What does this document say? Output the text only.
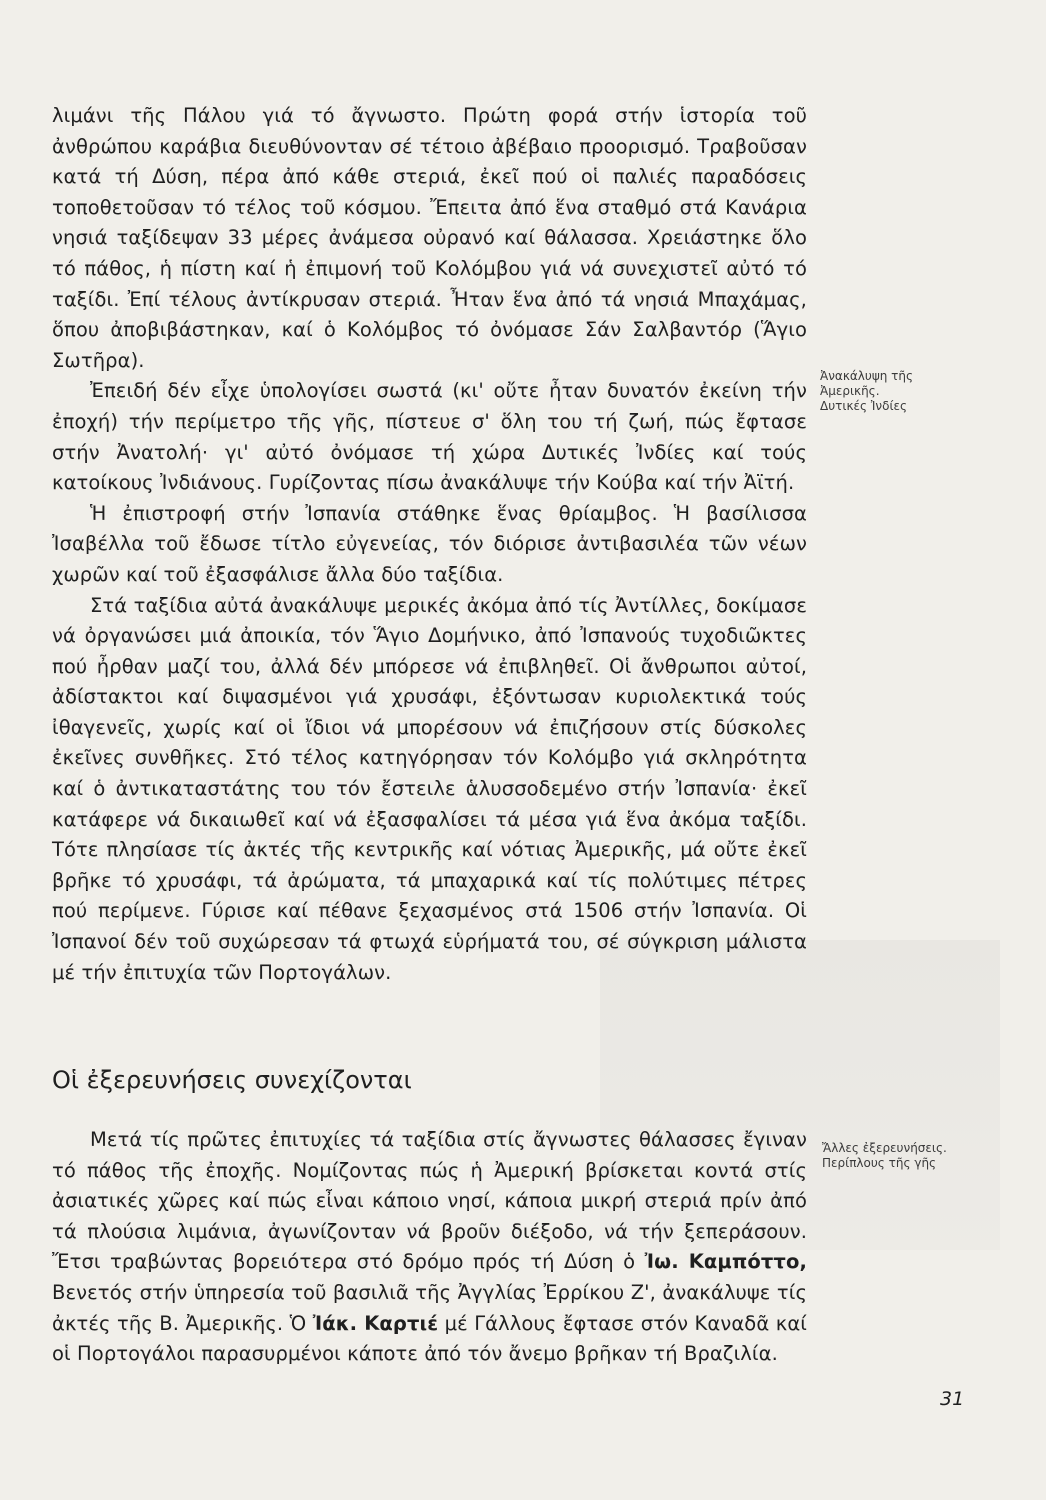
λιμάνι τῆς Πάλου γιά τό ἄγνωστο. Πρώτη φορά στήν ἱστορία τοῦ ἀνθρώπου καράβια διευθύνονταν σέ τέτοιο ἀβέβαιο προορισμό. Τραβοῦσαν κατά τή Δύση, πέρα ἀπό κάθε στεριά, ἐκεῖ πού οἱ παλιές παραδόσεις τοποθετοῦσαν τό τέλος τοῦ κόσμου. Ἔπειτα ἀπό ἕνα σταθμό στά Κανάρια νησιά ταξίδεψαν 33 μέρες ἀνάμεσα οὐρανό καί θάλασσα. Χρειάστηκε ὅλο τό πάθος, ἡ πίστη καί ἡ ἐπιμονή τοῦ Κολόμβου γιά νά συνεχιστεῖ αὐτό τό ταξίδι. Ἐπί τέλους ἀντίκρυσαν στεριά. Ἦταν ἕνα ἀπό τά νησιά Μπαχάμας, ὅπου ἀποβιβάστηκαν, καί ὁ Κολόμβος τό ὀνόμασε Σάν Σαλβαντόρ (Ἅγιο Σωτῆρα).

Ἐπειδή δέν εἶχε ὑπολογίσει σωστά (κι' οὔτε ἦταν δυνατόν ἐκείνη τήν ἐποχή) τήν περίμετρο τῆς γῆς, πίστευε σ' ὅλη του τή ζωή, πώς ἔφτασε στήν Ἀνατολή· γι' αὐτό ὀνόμασε τή χώρα Δυτικές Ἰνδίες καί τούς κατοίκους Ἰνδιάνους. Γυρίζοντας πίσω ἀνακάλυψε τήν Κούβα καί τήν Ἀϊτή.

Ἡ ἐπιστροφή στήν Ἰσπανία στάθηκε ἕνας θρίαμβος. Ἡ βασίλισσα Ἰσαβέλλα τοῦ ἔδωσε τίτλο εὐγενείας, τόν διόρισε ἀντιβασιλέα τῶν νέων χωρῶν καί τοῦ ἐξασφάλισε ἄλλα δύο ταξίδια.

Στά ταξίδια αὐτά ἀνακάλυψε μερικές ἀκόμα ἀπό τίς Ἀντίλλες, δοκίμασε νά ὀργανώσει μιά ἀποικία, τόν Ἅγιο Δομήνικο, ἀπό Ἰσπανούς τυχοδιῶκτες πού ἦρθαν μαζί του, ἀλλά δέν μπόρεσε νά ἐπιβληθεῖ. Οἱ ἄνθρωποι αὐτοί, ἀδίστακτοι καί διψασμένοι γιά χρυσάφι, ἐξόντωσαν κυριολεκτικά τούς ἰθαγενεῖς, χωρίς καί οἱ ἴδιοι νά μπορέσουν νά ἐπιζήσουν στίς δύσκολες ἐκεῖνες συνθῆκες. Στό τέλος κατηγόρησαν τόν Κολόμβο γιά σκληρότητα καί ὁ ἀντικαταστάτης του τόν ἔστειλε ἁλυσσοδεμένο στήν Ἰσπανία· ἐκεῖ κατάφερε νά δικαιωθεῖ καί νά ἐξασφαλίσει τά μέσα γιά ἕνα ἀκόμα ταξίδι. Τότε πλησίασε τίς ἀκτές τῆς κεντρικῆς καί νότιας Ἀμερικῆς, μά οὔτε ἐκεῖ βρῆκε τό χρυσάφι, τά ἀρώματα, τά μπαχαρικά καί τίς πολύτιμες πέτρες πού περίμενε. Γύρισε καί πέθανε ξεχασμένος στά 1506 στήν Ἰσπανία. Οἱ Ἰσπανοί δέν τοῦ συχώρεσαν τά φτωχά εὑρήματά του, σέ σύγκριση μάλιστα μέ τήν ἐπιτυχία τῶν Πορτογάλων.

Ἀνακάλυψη τῆς
Ἀμερικῆς.
Δυτικές Ἰνδίες
Οἱ ἐξερευνήσεις συνεχίζονται

Μετά τίς πρῶτες ἐπιτυχίες τά ταξίδια στίς ἄγνωστες θάλασσες ἔγιναν τό πάθος τῆς ἐποχῆς. Νομίζοντας πώς ἡ Ἀμερική βρίσκεται κοντά στίς ἀσιατικές χῶρες καί πώς εἶναι κάποιο νησί, κάποια μικρή στεριά πρίν ἀπό τά πλούσια λιμάνια, ἀγωνίζονταν νά βροῦν διέξοδο, νά τήν ξεπεράσουν. Ἔτσι τραβώντας βορειότερα στό δρόμο πρός τή Δύση ὁ Ἰω. Καμπόττο, Βενετός στήν ὑπηρεσία τοῦ βασιλιᾶ τῆς Ἀγγλίας Ἐρρίκου Ζ', ἀνακάλυψε τίς ἀκτές τῆς Β. Ἀμερικῆς. Ὁ Ἰάκ. Καρτιέ μέ Γάλλους ἔφτασε στόν Καναδᾶ καί οἱ Πορτογάλοι παρασυρμένοι κάποτε ἀπό τόν ἄνεμο βρῆκαν τή Βραζιλία.

Ἄλλες ἐξερευνήσεις.
Περίπλους τῆς γῆς
31
